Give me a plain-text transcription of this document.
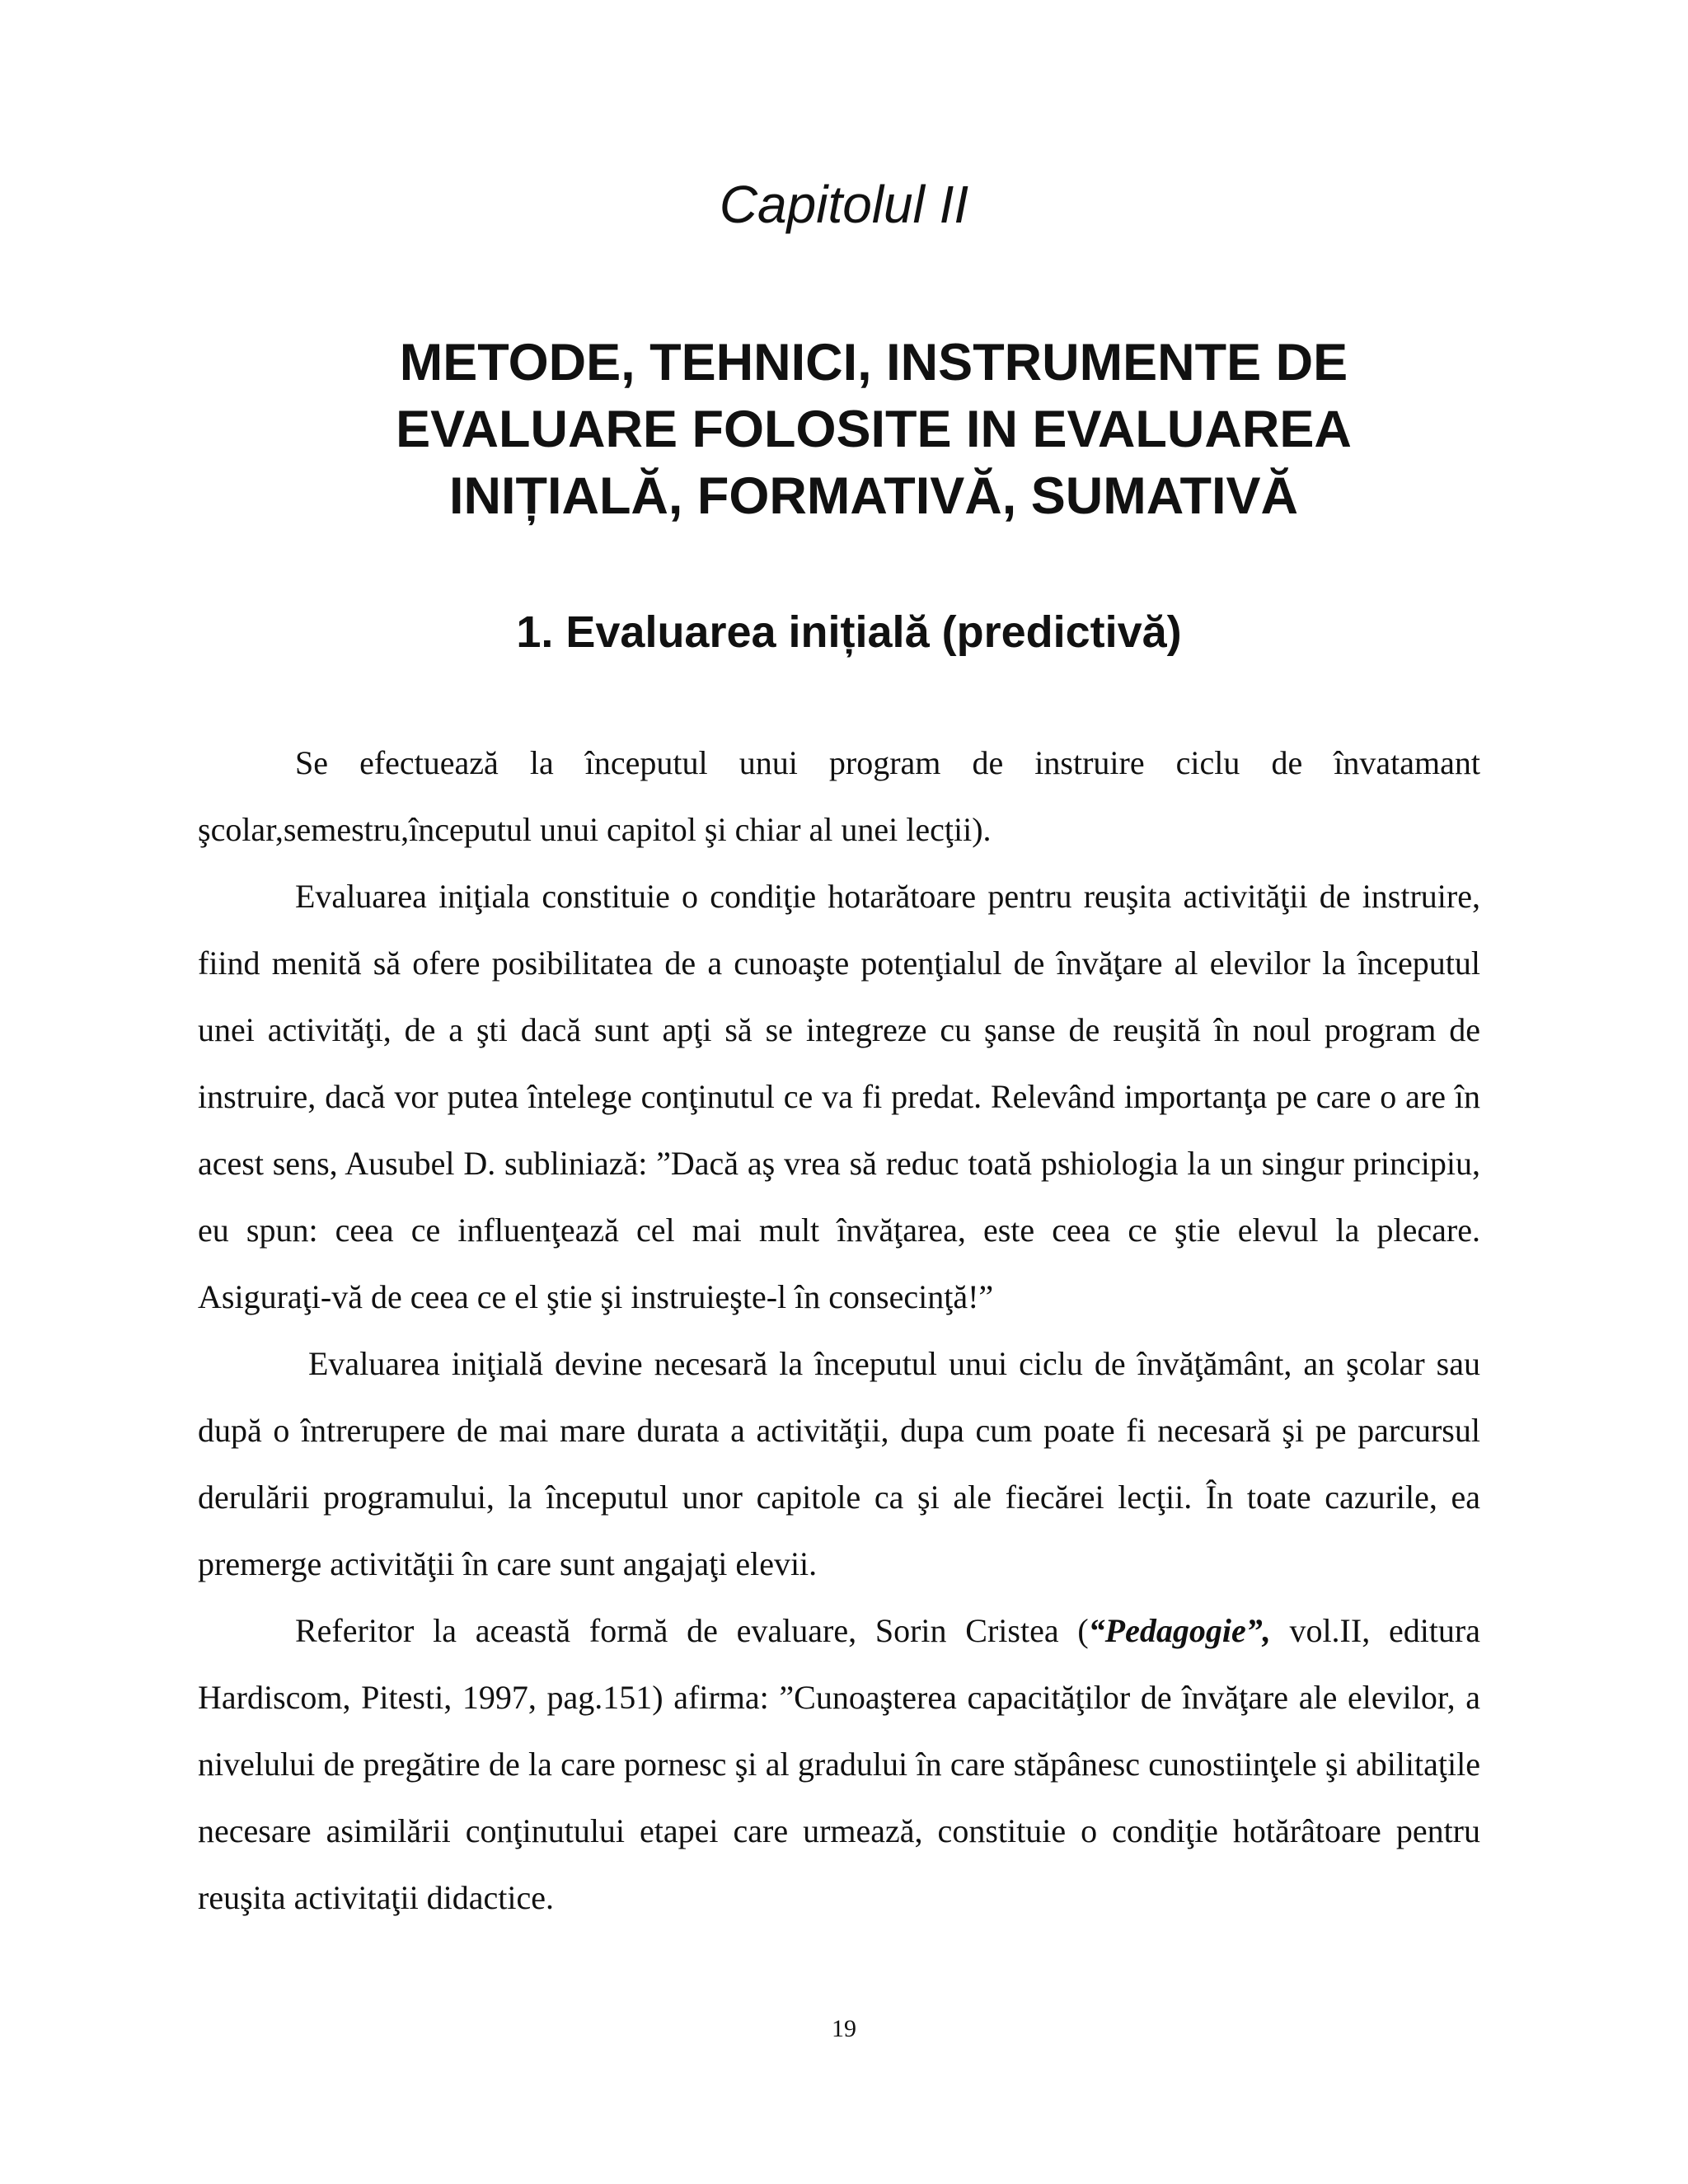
Capitolul II
METODE, TEHNICI, INSTRUMENTE DE
EVALUARE FOLOSITE IN EVALUAREA
INIȚIALĂ, FORMATIVĂ, SUMATIVĂ
1. Evaluarea inițială (predictivă)

Se efectuează la începutul unui program de instruire ciclu de învatamant şcolar,semestru,începutul unui capitol şi chiar al unei lecţii).

Evaluarea iniţiala constituie o condiţie hotarătoare pentru reuşita activităţii de instruire, fiind menită să ofere posibilitatea de a cunoaşte potenţialul de învăţare al elevilor la începutul unei activităţi, de a şti dacă sunt apţi să se integreze cu şanse de reuşită în noul program de instruire, dacă vor putea întelege conţinutul ce va fi predat. Relevând importanţa pe care o are în acest sens, Ausubel D. subliniază: ”Dacă aş vrea să reduc toată pshiologia la un singur principiu, eu spun: ceea ce influenţează cel mai mult învăţarea, este ceea ce ştie elevul la plecare. Asiguraţi-vă de ceea ce el ştie şi instruieşte-l în consecinţă!”

Evaluarea iniţială devine necesară la începutul unui ciclu de învăţământ, an şcolar sau după o întrerupere de mai mare durata a activităţii, dupa cum poate fi necesară şi pe parcursul derulării programului, la începutul unor capitole ca şi ale fiecărei lecţii. În toate cazurile, ea premerge activităţii în care sunt angajaţi elevii.

Referitor la această formă de evaluare, Sorin Cristea (“Pedagogie”, vol.II, editura Hardiscom, Pitesti, 1997, pag.151) afirma: ”Cunoaşterea capacităţilor de învăţare ale elevilor, a nivelului de pregătire de la care pornesc şi al gradului în care stăpânesc cunostiinţele şi abilitaţile necesare asimilării conţinutului etapei care urmează, constituie o condiţie hotărâtoare pentru reuşita activitaţii didactice.

19
